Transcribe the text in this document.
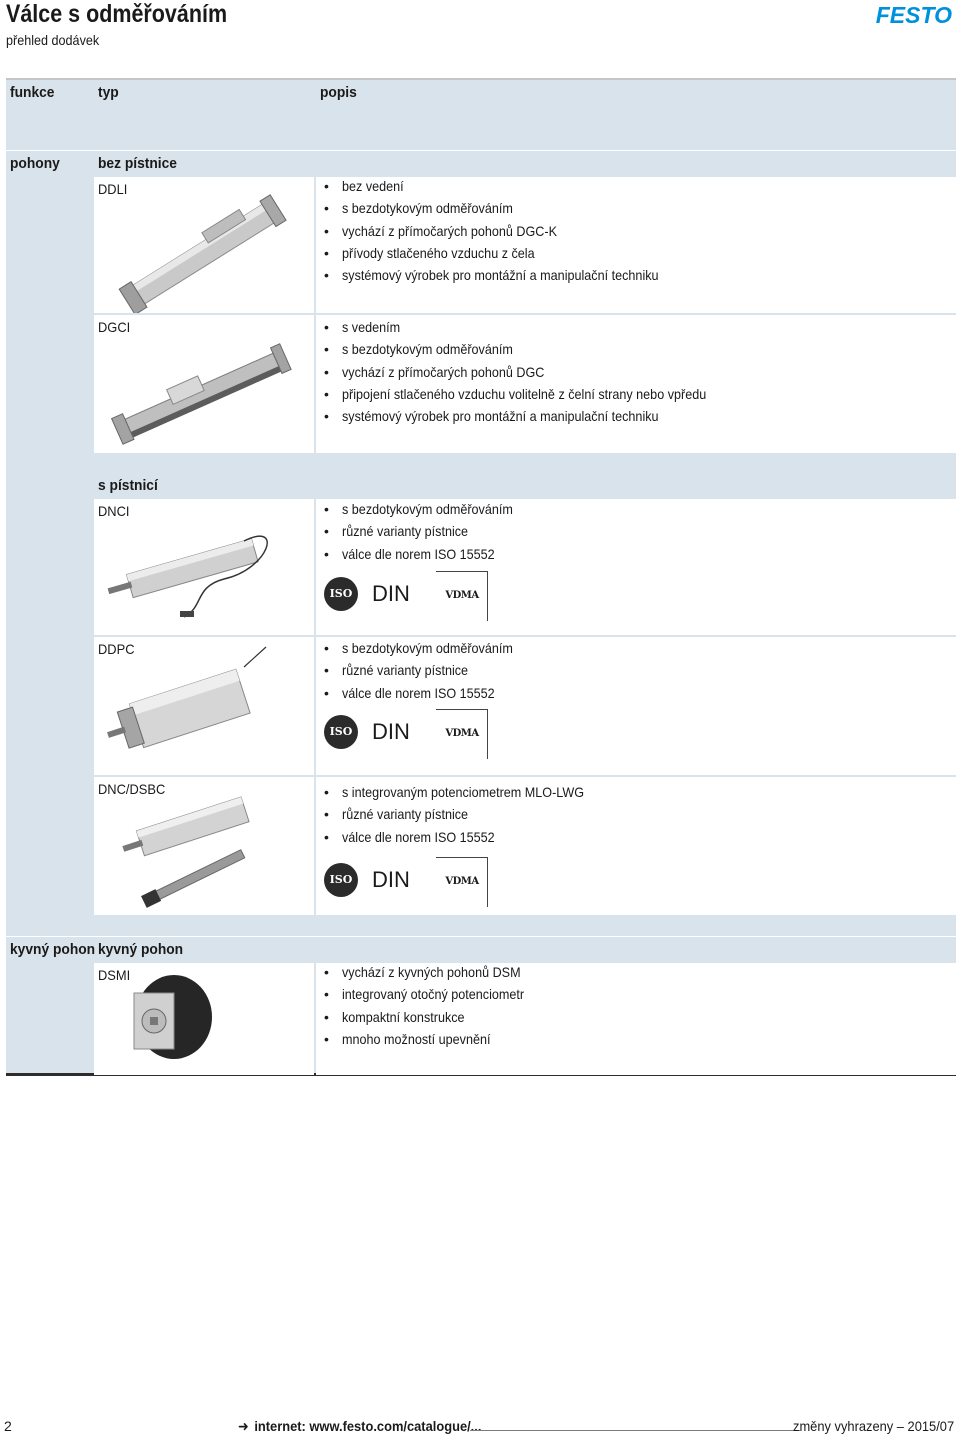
Válce s odměřováním
přehled dodávek
FESTO
funkce	typ	popis
pohony	bez pístnice
DDLI	• bez vedení
• s bezdotykovým odměřováním
• vychází z přímočarých pohonů DGC-K
• přívody stlačeného vzduchu z čela
• systémový výrobek pro montážní a manipulační techniku
DGCI	• s vedením
• s bezdotykovým odměřováním
• vychází z přímočarých pohonů DGC
• připojení stlačeného vzduchu volitelně z čelní strany nebo vpředu
• systémový výrobek pro montážní a manipulační techniku
s pístnicí
DNCI	• s bezdotykovým odměřováním
• různé varianty pístnice
• válce dle norem ISO 15552
ISO DIN	VDMA
DDPC	• s bezdotykovým odměřováním
• různé varianty pístnice
• válce dle norem ISO 15552
ISO DIN	VDMA
DNC/DSBC	• s integrovaným potenciometrem MLO-LWG
• různé varianty pístnice
• válce dle norem ISO 15552
ISO DIN	VDMA
kyvný pohon kyvný pohon
DSMI	• vychází z kyvných pohonů DSM
• integrovaný otočný potenciometr
• kompaktní konstrukce
• mnoho možností upevnění
2	➜ internet: www.festo.com/catalogue/...	změny vyhrazeny – 2015/07
